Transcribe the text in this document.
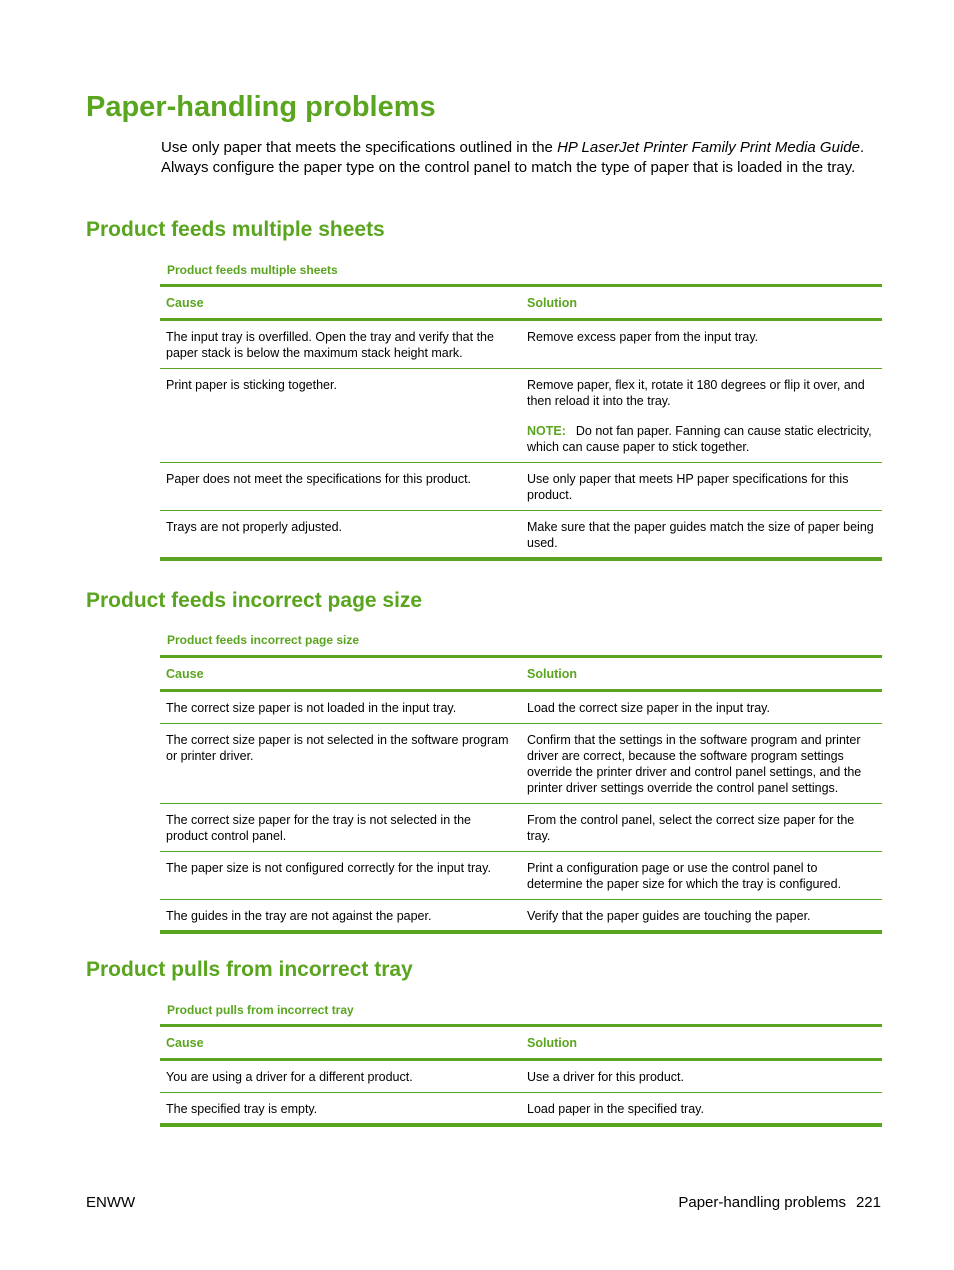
Paper-handling problems

Use only paper that meets the specifications outlined in the HP LaserJet Printer Family Print Media Guide. Always configure the paper type on the control panel to match the type of paper that is loaded in the tray.

Product feeds multiple sheets
Product feeds multiple sheets
Cause	Solution
The input tray is overfilled. Open the tray and verify that the paper stack is below the maximum stack height mark.	Remove excess paper from the input tray.
Print paper is sticking together.	Remove paper, flex it, rotate it 180 degrees or flip it over, and then reload it into the tray.
NOTE: Do not fan paper. Fanning can cause static electricity, which can cause paper to stick together.

Paper does not meet the specifications for this product.	Use only paper that meets HP paper specifications for this product.
Trays are not properly adjusted.	Make sure that the paper guides match the size of paper being used.
Product feeds incorrect page size
Product feeds incorrect page size
Cause	Solution
The correct size paper is not loaded in the input tray.	Load the correct size paper in the input tray.
The correct size paper is not selected in the software program or printer driver.	Confirm that the settings in the software program and printer driver are correct, because the software program settings override the printer driver and control panel settings, and the printer driver settings override the control panel settings.
The correct size paper for the tray is not selected in the product control panel.	From the control panel, select the correct size paper for the tray.
The paper size is not configured correctly for the input tray.	Print a configuration page or use the control panel to determine the paper size for which the tray is configured.
The guides in the tray are not against the paper.	Verify that the paper guides are touching the paper.
Product pulls from incorrect tray
Product pulls from incorrect tray
Cause	Solution
You are using a driver for a different product.	Use a driver for this product.
The specified tray is empty.	Load paper in the specified tray.
ENWW	Paper-handling problems 221
